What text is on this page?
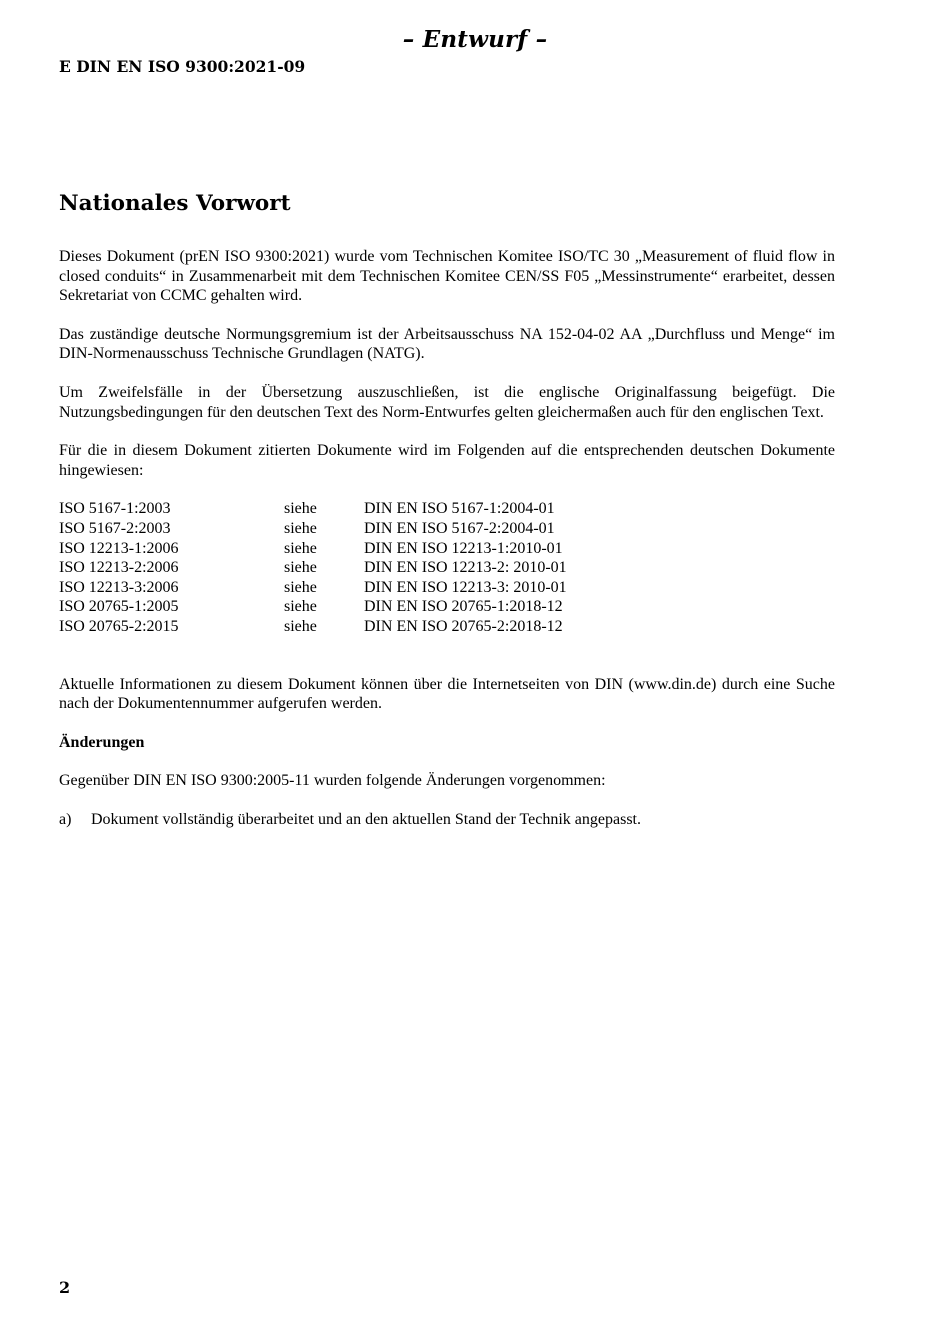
– Entwurf –
E DIN EN ISO 9300:2021-09
Nationales Vorwort

Dieses Dokument (prEN ISO 9300:2021) wurde vom Technischen Komitee ISO/TC 30 „Measurement of fluid flow in closed conduits“ in Zusammenarbeit mit dem Technischen Komitee CEN/SS F05 „Messinstrumente“ erarbeitet, dessen Sekretariat von CCMC gehalten wird.

Das zuständige deutsche Normungsgremium ist der Arbeitsausschuss NA 152-04-02 AA „Durchfluss und Menge“ im DIN-Normenausschuss Technische Grundlagen (NATG).

Um Zweifelsfälle in der Übersetzung auszuschließen, ist die englische Originalfassung beigefügt. Die Nutzungsbedingungen für den deutschen Text des Norm-Entwurfes gelten gleichermaßen auch für den englischen Text.

Für die in diesem Dokument zitierten Dokumente wird im Folgenden auf die entsprechenden deutschen Dokumente hingewiesen:

ISO 5167-1:2003	siehe	DIN EN ISO 5167-1:2004-01
ISO 5167-2:2003	siehe	DIN EN ISO 5167-2:2004-01
ISO 12213-1:2006	siehe	DIN EN ISO 12213-1:2010-01
ISO 12213-2:2006	siehe	DIN EN ISO 12213-2: 2010-01
ISO 12213-3:2006	siehe	DIN EN ISO 12213-3: 2010-01
ISO 20765-1:2005	siehe	DIN EN ISO 20765-1:2018-12
ISO 20765-2:2015	siehe	DIN EN ISO 20765-2:2018-12

Aktuelle Informationen zu diesem Dokument können über die Internetseiten von DIN (www.din.de) durch eine Suche nach der Dokumentennummer aufgerufen werden.

Änderungen

Gegenüber DIN EN ISO 9300:2005-11 wurden folgende Änderungen vorgenommen:

a)	Dokument vollständig überarbeitet und an den aktuellen Stand der Technik angepasst.
2
